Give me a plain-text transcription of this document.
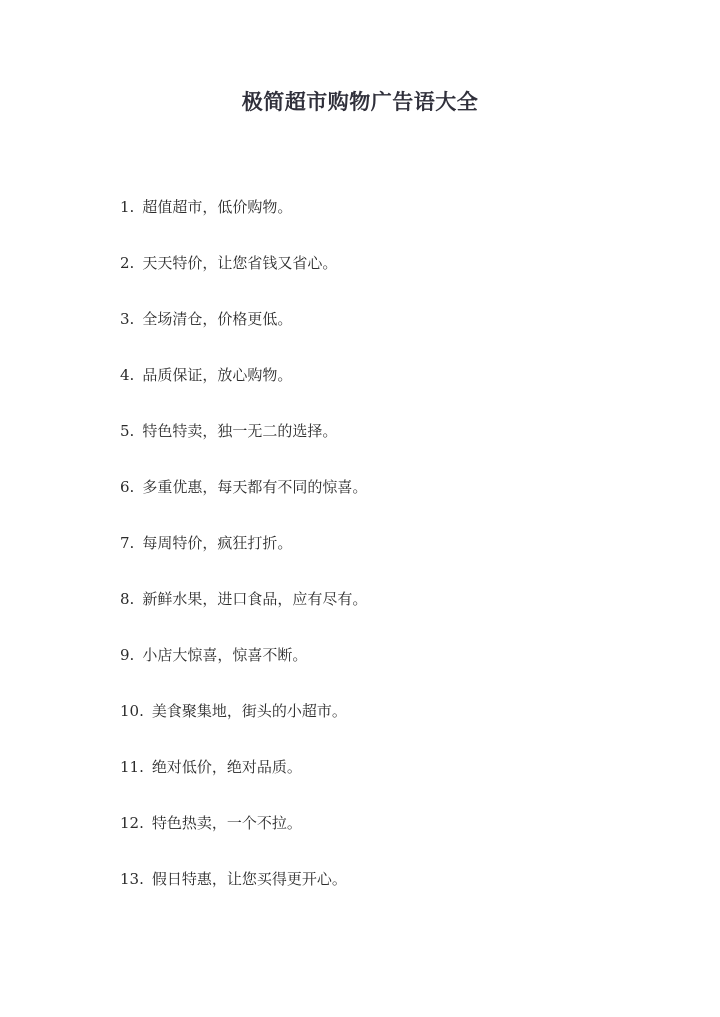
极简超市购物广告语大全
1. 超值超市，低价购物。
2. 天天特价，让您省钱又省心。
3. 全场清仓，价格更低。
4. 品质保证，放心购物。
5. 特色特卖，独一无二的选择。
6. 多重优惠，每天都有不同的惊喜。
7. 每周特价，疯狂打折。
8. 新鲜水果，进口食品，应有尽有。
9. 小店大惊喜，惊喜不断。
10. 美食聚集地，街头的小超市。
11. 绝对低价，绝对品质。
12. 特色热卖，一个不拉。
13. 假日特惠，让您买得更开心。
